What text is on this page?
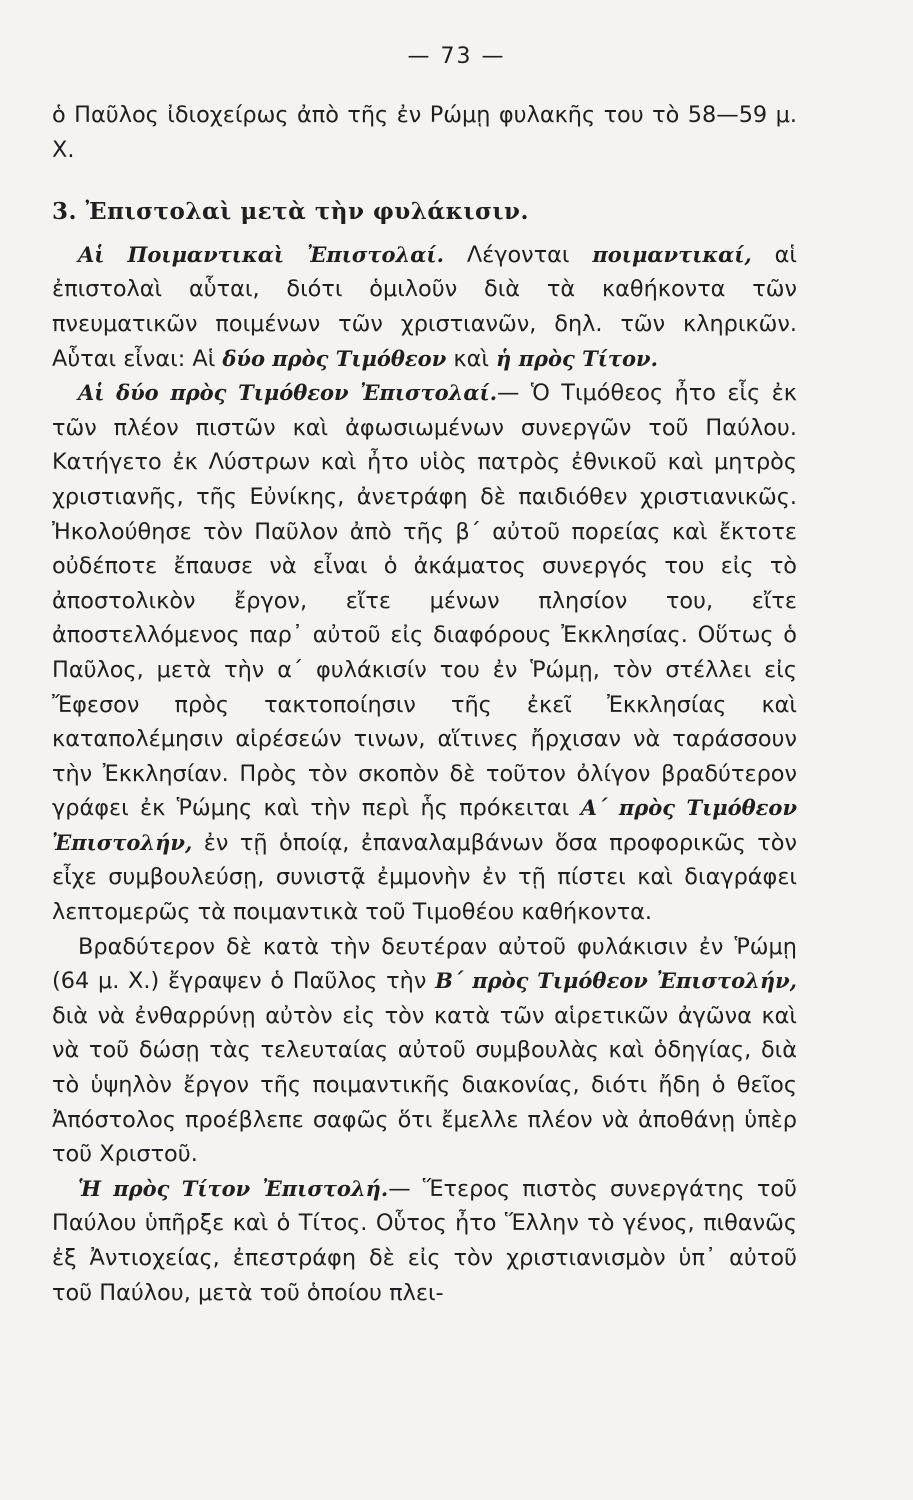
— 73 —

ὁ Παῦλος ἰδιοχείρως ἀπὸ τῆς ἐν Ρώμῃ φυλακῆς του τὸ 58—59 μ. Χ.

3. Ἐπιστολαὶ μετὰ τὴν φυλάκισιν.

Αἱ Ποιμαντικαὶ Ἐπιστολαί. Λέγονται ποιμαντικαί, αἱ ἐπιστολαὶ αὗται, διότι ὁμιλοῦν διὰ τὰ καθήκοντα τῶν πνευματικῶν ποιμένων τῶν χριστιανῶν, δηλ. τῶν κληρικῶν. Αὗται εἶναι: Αἱ δύο πρὸς Τιμόθεον καὶ ἡ πρὸς Τίτον.

Αἱ δύο πρὸς Τιμόθεον Ἐπιστολαί.— Ὁ Τιμόθεος ἦτο εἷς ἐκ τῶν πλέον πιστῶν καὶ ἀφωσιωμένων συνεργῶν τοῦ Παύλου. Κατήγετο ἐκ Λύστρων καὶ ἦτο υἱὸς πατρὸς ἐθνικοῦ καὶ μητρὸς χριστιανῆς, τῆς Εὐνίκης, ἀνετράφη δὲ παιδιόθεν χριστιανικῶς. Ἠκολούθησε τὸν Παῦλον ἀπὸ τῆς β΄ αὐτοῦ πορείας καὶ ἔκτοτε οὐδέποτε ἔπαυσε νὰ εἶναι ὁ ἀκάματος συνεργός του εἰς τὸ ἀποστολικὸν ἔργον, εἴτε μένων πλησίον του, εἴτε ἀποστελλόμενος παρ᾽ αὐτοῦ εἰς διαφόρους Ἐκκλησίας. Οὕτως ὁ Παῦλος, μετὰ τὴν α΄ φυλάκισίν του ἐν Ῥώμῃ, τὸν στέλλει εἰς Ἔφεσον πρὸς τακτοποίησιν τῆς ἐκεῖ Ἐκκλησίας καὶ καταπολέμησιν αἱρέσεών τινων, αἵτινες ἤρχισαν νὰ ταράσσουν τὴν Ἐκκλησίαν. Πρὸς τὸν σκοπὸν δὲ τοῦτον ὀλίγον βραδύτερον γράφει ἐκ Ῥώμης καὶ τὴν περὶ ἧς πρόκειται Α΄ πρὸς Τιμόθεον Ἐπιστολήν, ἐν τῇ ὁποίᾳ, ἐπαναλαμβάνων ὅσα προφορικῶς τὸν εἶχε συμβουλεύσῃ, συνιστᾷ ἐμμονὴν ἐν τῇ πίστει καὶ διαγράφει λεπτομερῶς τὰ ποιμαντικὰ τοῦ Τιμοθέου καθήκοντα.

Βραδύτερον δὲ κατὰ τὴν δευτέραν αὐτοῦ φυλάκισιν ἐν Ῥώμῃ (64 μ. Χ.) ἔγραψεν ὁ Παῦλος τὴν Β΄ πρὸς Τιμόθεον Ἐπιστολήν, διὰ νὰ ἐνθαρρύνῃ αὐτὸν εἰς τὸν κατὰ τῶν αἱρετικῶν ἀγῶνα καὶ νὰ τοῦ δώσῃ τὰς τελευταίας αὐτοῦ συμβουλὰς καὶ ὁδηγίας, διὰ τὸ ὑψηλὸν ἔργον τῆς ποιμαντικῆς διακονίας, διότι ἤδη ὁ θεῖος Ἀπόστολος προέβλεπε σαφῶς ὅτι ἔμελλε πλέον νὰ ἀποθάνῃ ὑπὲρ τοῦ Χριστοῦ.

Ἡ πρὸς Τίτον Ἐπιστολή.— Ἕτερος πιστὸς συνεργάτης τοῦ Παύλου ὑπῆρξε καὶ ὁ Τίτος. Οὗτος ἦτο Ἕλλην τὸ γένος, πιθανῶς ἐξ Ἀντιοχείας, ἐπεστράφη δὲ εἰς τὸν χριστιανισμὸν ὑπ᾽ αὐτοῦ τοῦ Παύλου, μετὰ τοῦ ὁποίου πλει-
